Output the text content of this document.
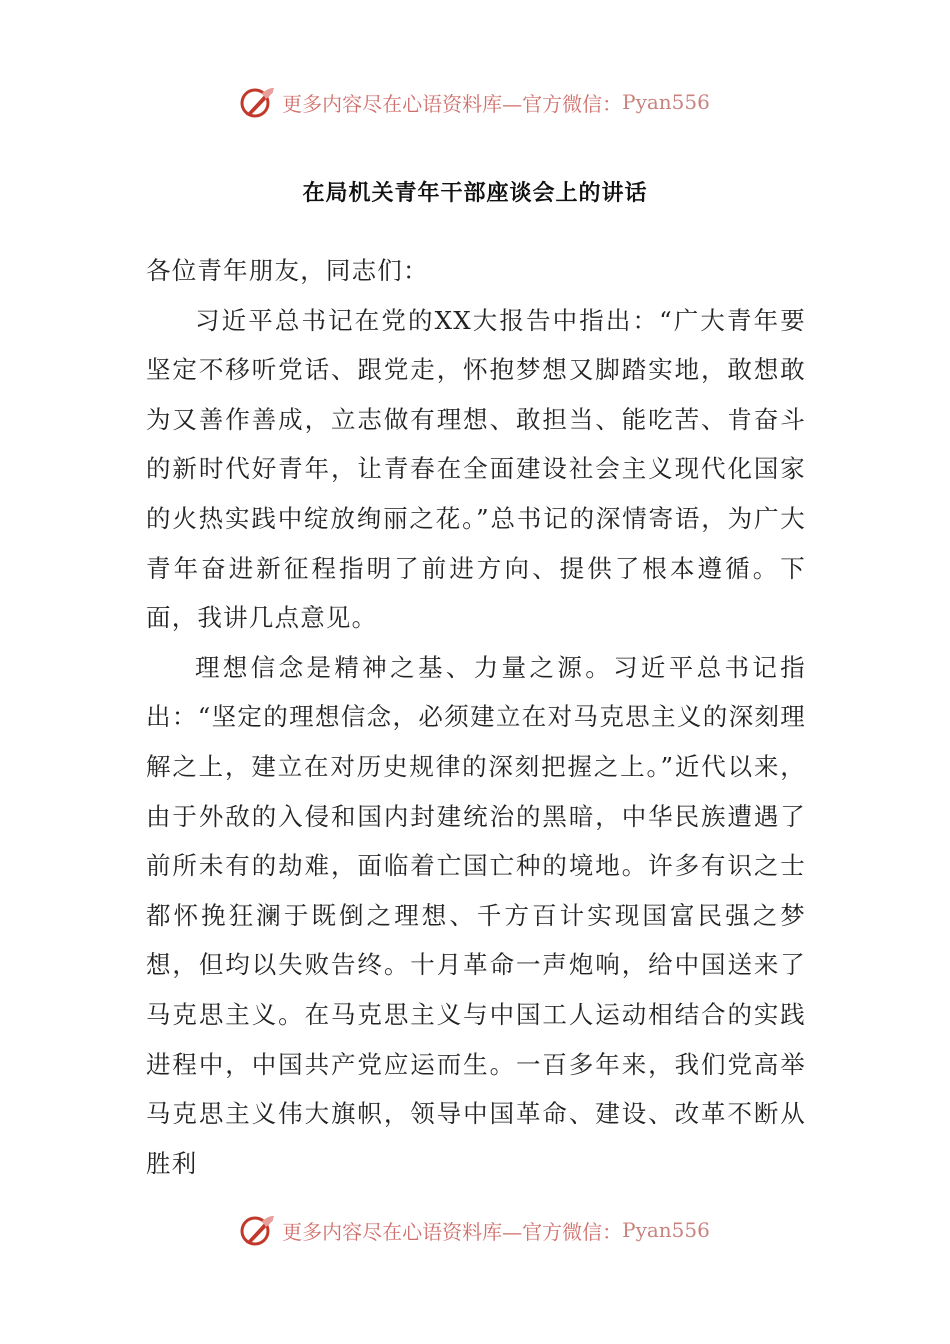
更多内容尽在心语资料库—官方微信： Pyan556
在局机关青年干部座谈会上的讲话

各位青年朋友，同志们：

习近平总书记在党的XX大报告中指出：“广大青年要坚定不移听党话、跟党走，怀抱梦想又脚踏实地，敢想敢为又善作善成，立志做有理想、敢担当、能吃苦、肯奋斗的新时代好青年，让青春在全面建设社会主义现代化国家的火热实践中绽放绚丽之花。”总书记的深情寄语，为广大青年奋进新征程指明了前进方向、提供了根本遵循。下面，我讲几点意见。

理想信念是精神之基、力量之源。习近平总书记指出：“坚定的理想信念，必须建立在对马克思主义的深刻理解之上，建立在对历史规律的深刻把握之上。”近代以来，由于外敌的入侵和国内封建统治的黑暗，中华民族遭遇了前所未有的劫难，面临着亡国亡种的境地。许多有识之士都怀挽狂澜于既倒之理想、千方百计实现国富民强之梦想，但均以失败告终。十月革命一声炮响，给中国送来了马克思主义。在马克思主义与中国工人运动相结合的实践进程中，中国共产党应运而生。一百多年来，我们党高举马克思主义伟大旗帜，领导中国革命、建设、改革不断从胜利

更多内容尽在心语资料库—官方微信： Pyan556
